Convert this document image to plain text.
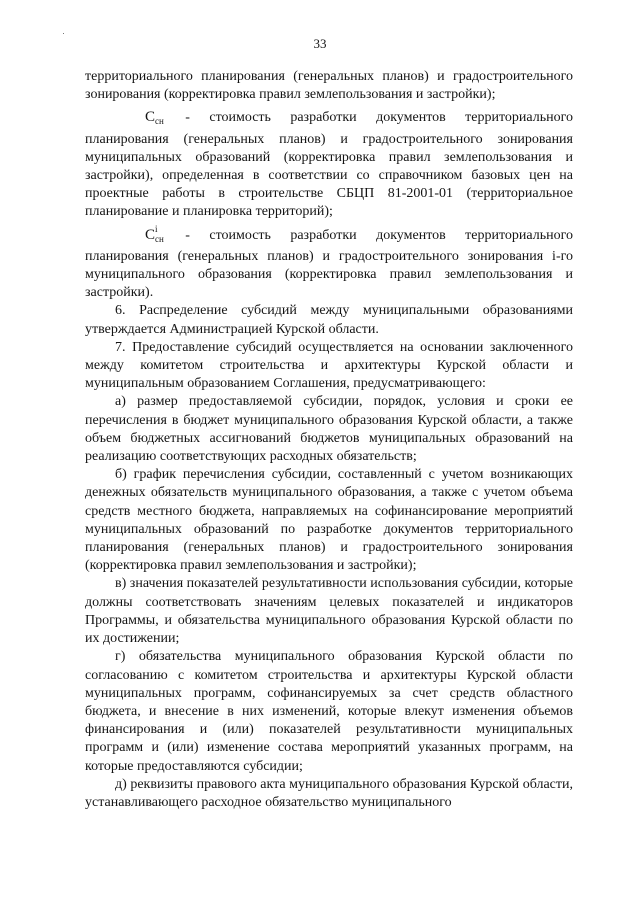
33

территориального планирования (генеральных планов) и градостроительного зонирования (корректировка правил землепользования и застройки);

$С_{сн}$ - стоимость разработки документов территориального планирования (генеральных планов) и градостроительного зонирования муниципальных образований (корректировка правил землепользования и застройки), определенная в соответствии со справочником базовых цен на проектные работы в строительстве СБЦП 81-2001-01 (территориальное планирование и планировка территорий);

С i
$_{сн}$ - стоимость разработки документов территориального планирования (генеральных планов) и градостроительного зонирования i-го муниципального образования (корректировка правил землепользования и застройки).

6. Распределение субсидий между муниципальными образованиями утверждается Администрацией Курской области.

7. Предоставление субсидий осуществляется на основании заключенного между комитетом строительства и архитектуры Курской области и муниципальным образованием Соглашения, предусматривающего:

а) размер предоставляемой субсидии, порядок, условия и сроки ее перечисления в бюджет муниципального образования Курской области, а также объем бюджетных ассигнований бюджетов муниципальных образований на реализацию соответствующих расходных обязательств;

б) график перечисления субсидии, составленный с учетом возникающих денежных обязательств муниципального образования, а также с учетом объема средств местного бюджета, направляемых на софинансирование мероприятий муниципальных образований по разработке документов территориального планирования (генеральных планов) и градостроительного зонирования (корректировка правил землепользования и застройки);

в) значения показателей результативности использования субсидии, которые должны соответствовать значениям целевых показателей и индикаторов Программы, и обязательства муниципального образования Курской области по их достижении;

г) обязательства муниципального образования Курской области по согласованию с комитетом строительства и архитектуры Курской области муниципальных программ, софинансируемых за счет средств областного бюджета, и внесение в них изменений, которые влекут изменения объемов финансирования и (или) показателей результативности муниципальных программ и (или) изменение состава мероприятий указанных программ, на которые предоставляются субсидии;

д) реквизиты правового акта муниципального образования Курской области, устанавливающего расходное обязательство муниципального
